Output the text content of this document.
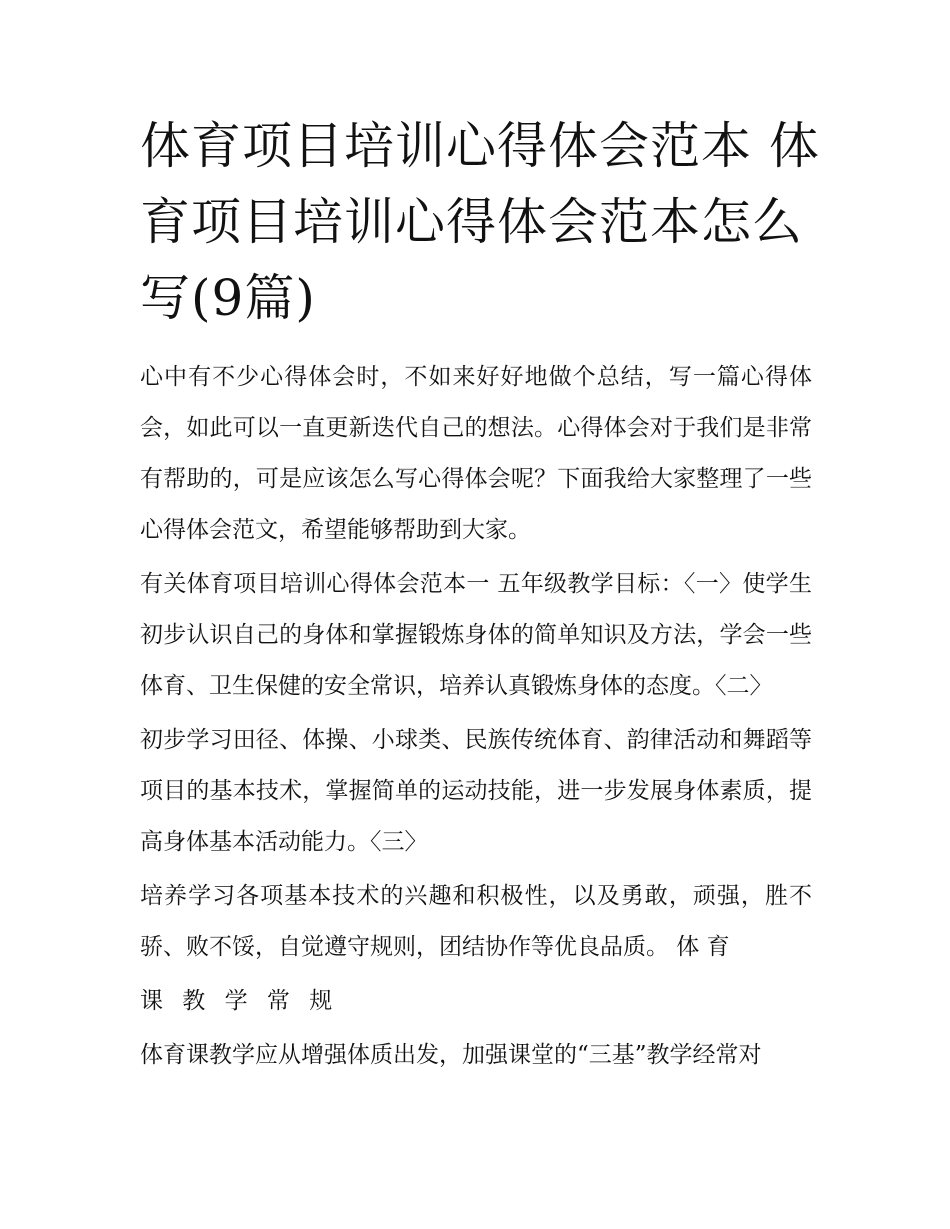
体育项目培训心得体会范本 体育项目培训心得体会范本怎么写(9篇)

心中有不少心得体会时，不如来好好地做个总结，写一篇心得体会，如此可以一直更新迭代自己的想法。心得体会对于我们是非常有帮助的，可是应该怎么写心得体会呢？下面我给大家整理了一些心得体会范文，希望能够帮助到大家。

有关体育项目培训心得体会范本一 五年级教学目标：〈一〉使学生初步认识自己的身体和掌握锻炼身体的简单知识及方法，学会一些体育、卫生保健的安全常识，培养认真锻炼身体的态度。〈二〉

初步学习田径、体操、小球类、民族传统体育、韵律活动和舞蹈等项目的基本技术，掌握简单的运动技能，进一步发展身体素质，提高身体基本活动能力。〈三〉

培养学习各项基本技术的兴趣和积极性，以及勇敢，顽强，胜不骄、败不馁，自觉遵守规则，团结协作等优良品质。 体 育

课 教 学 常 规

体育课教学应从增强体质出发，加强课堂的“三基”教学经常对
